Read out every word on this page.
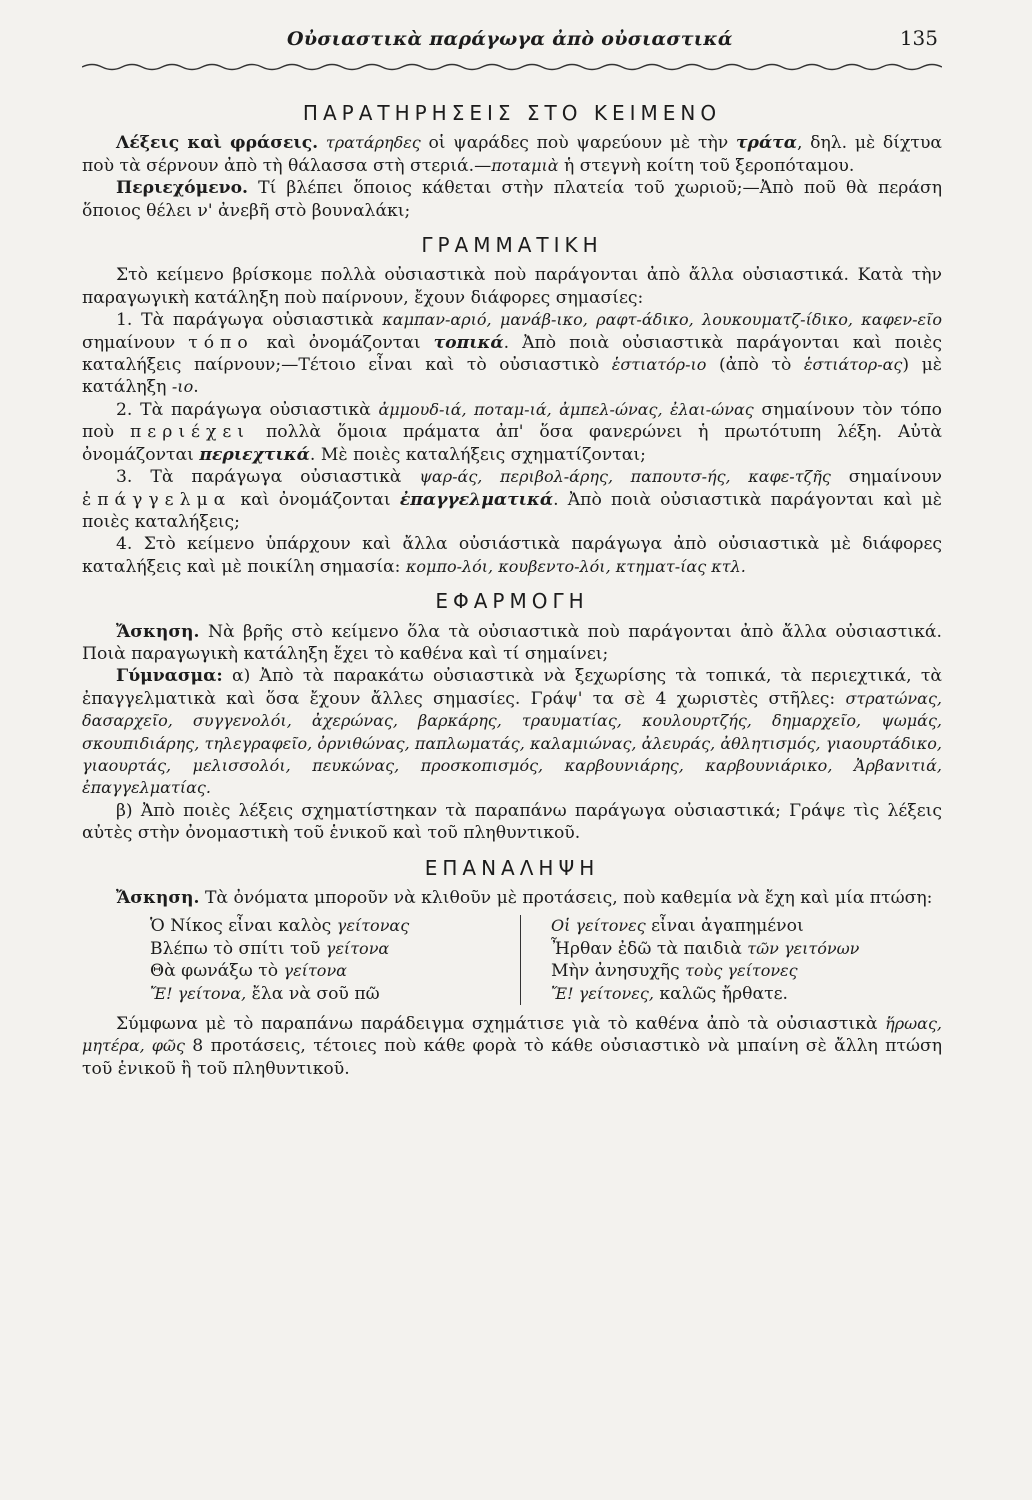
Οὐσιαστικὰ παράγωγα ἀπὸ οὐσιαστικά	135
ΠΑΡΑΤΗΡΗΣΕΙΣ ΣΤΟ ΚΕΙΜΕΝΟ

Λέξεις καὶ φράσεις. τρατάρηδες οἱ ψαράδες ποὺ ψαρεύουν μὲ τὴν τράτα, δηλ. μὲ δίχτυα ποὺ τὰ σέρνουν ἀπὸ τὴ θάλασσα στὴ στεριά.—ποταμιὰ ἡ στεγνὴ κοίτη τοῦ ξεροπόταμου.

Περιεχόμενο. Τί βλέπει ὅποιος κάθεται στὴν πλατεία τοῦ χωριοῦ;—Ἀπὸ ποῦ θὰ περάση ὅποιος θέλει ν' ἀνεβῆ στὸ βουναλάκι;

ΓΡΑΜΜΑΤΙΚΗ

Στὸ κείμενο βρίσκομε πολλὰ οὐσιαστικὰ ποὺ παράγονται ἀπὸ ἄλλα οὐσιαστικά. Κατὰ τὴν παραγωγικὴ κατάληξη ποὺ παίρνουν, ἔχουν διάφορες σημασίες:

1. Τὰ παράγωγα οὐσιαστικὰ καμπαν-αριό, μανάβ-ικο, ραφτ-άδικο, λουκουματζ-ίδικο, καφεν-εῖο σημαίνουν τόπο καὶ ὀνομάζονται τοπικά. Ἀπὸ ποιὰ οὐσιαστικὰ παράγονται καὶ ποιὲς καταλήξεις παίρνουν;—Τέτοιο εἶναι καὶ τὸ οὐσιαστικὸ ἑστιατόρ-ιο (ἀπὸ τὸ ἑστιάτορ-ας) μὲ κατάληξη -ιο.

2. Τὰ παράγωγα οὐσιαστικὰ ἀμμουδ-ιά, ποταμ-ιά, ἀμπελ-ώνας, ἐλαι-ώνας σημαίνουν τὸν τόπο ποὺ περιέχει πολλὰ ὅμοια πράματα ἀπ' ὅσα φανερώνει ἡ πρωτότυπη λέξη. Αὐτὰ ὀνομάζονται περιεχτικά. Μὲ ποιὲς καταλήξεις σχηματίζονται;

3. Τὰ παράγωγα οὐσιαστικὰ ψαρ-άς, περιβολ-άρης, παπουτσ-ής, καφε-τζῆς σημαίνουν ἐπάγγελμα καὶ ὀνομάζονται ἐπαγγελματικά. Ἀπὸ ποιὰ οὐσιαστικὰ παράγονται καὶ μὲ ποιὲς καταλήξεις;

4. Στὸ κείμενο ὑπάρχουν καὶ ἄλλα οὐσιάστικὰ παράγωγα ἀπὸ οὐσιαστικὰ μὲ διάφορες καταλήξεις καὶ μὲ ποικίλη σημασία: κομπο-λόι, κουβεντο-λόι, κτηματ-ίας κτλ.

ΕΦΑΡΜΟΓΗ

Ἄσκηση. Νὰ βρῆς στὸ κείμενο ὅλα τὰ οὐσιαστικὰ ποὺ παράγονται ἀπὸ ἄλλα οὐσιαστικά. Ποιὰ παραγωγικὴ κατάληξη ἔχει τὸ καθένα καὶ τί σημαίνει;

Γύμνασμα: α) Ἀπὸ τὰ παρακάτω οὐσιαστικὰ νὰ ξεχωρίσης τὰ τοπικά, τὰ περιεχτικά, τὰ ἐπαγγελματικὰ καὶ ὅσα ἔχουν ἄλλες σημασίες. Γράψ' τα σὲ 4 χωριστὲς στῆλες: στρατώνας, δασαρχεῖο, συγγενολόι, ἀχερώνας, βαρκάρης, τραυματίας, κουλουρτζής, δημαρχεῖο, ψωμάς, σκουπιδιάρης, τηλεγραφεῖο, ὀρνιθώνας, παπλωματάς, καλαμιώνας, ἀλευράς, ἀθλητισμός, γιαουρτάδικο, γιαουρτάς, μελισσολόι, πευκώνας, προσκοπισμός, καρβουνιάρης, καρβουνιάρικο, Ἀρβανιτιά, ἐπαγγελματίας.

β) Ἀπὸ ποιὲς λέξεις σχηματίστηκαν τὰ παραπάνω παράγωγα οὐσιαστικά; Γράψε τὶς λέξεις αὐτὲς στὴν ὀνομαστικὴ τοῦ ἑνικοῦ καὶ τοῦ πληθυντικοῦ.

ΕΠΑΝΑΛΗΨΗ

Ἄσκηση. Τὰ ὀνόματα μποροῦν νὰ κλιθοῦν μὲ προτάσεις, ποὺ καθεμία νὰ ἔχη καὶ μία πτώση:

Ὁ Νίκος εἶναι καλὸς γείτονας
Βλέπω τὸ σπίτι τοῦ γείτονα
Θὰ φωνάξω τὸ γείτονα
Ἔ! γείτονα, ἔλα νὰ σοῦ πῶ
Οἱ γείτονες εἶναι ἀγαπημένοι
Ἦρθαν ἐδῶ τὰ παιδιὰ τῶν γειτόνων
Μὴν ἀνησυχῆς τοὺς γείτονες
Ἔ! γείτονες, καλῶς ἤρθατε.

Σύμφωνα μὲ τὸ παραπάνω παράδειγμα σχημάτισε γιὰ τὸ καθένα ἀπὸ τὰ οὐσιαστικὰ ἥρωας, μητέρα, φῶς 8 προτάσεις, τέτοιες ποὺ κάθε φορὰ τὸ κάθε οὐσιαστικὸ νὰ μπαίνη σὲ ἄλλη πτώση τοῦ ἑνικοῦ ἢ τοῦ πληθυντικοῦ.
